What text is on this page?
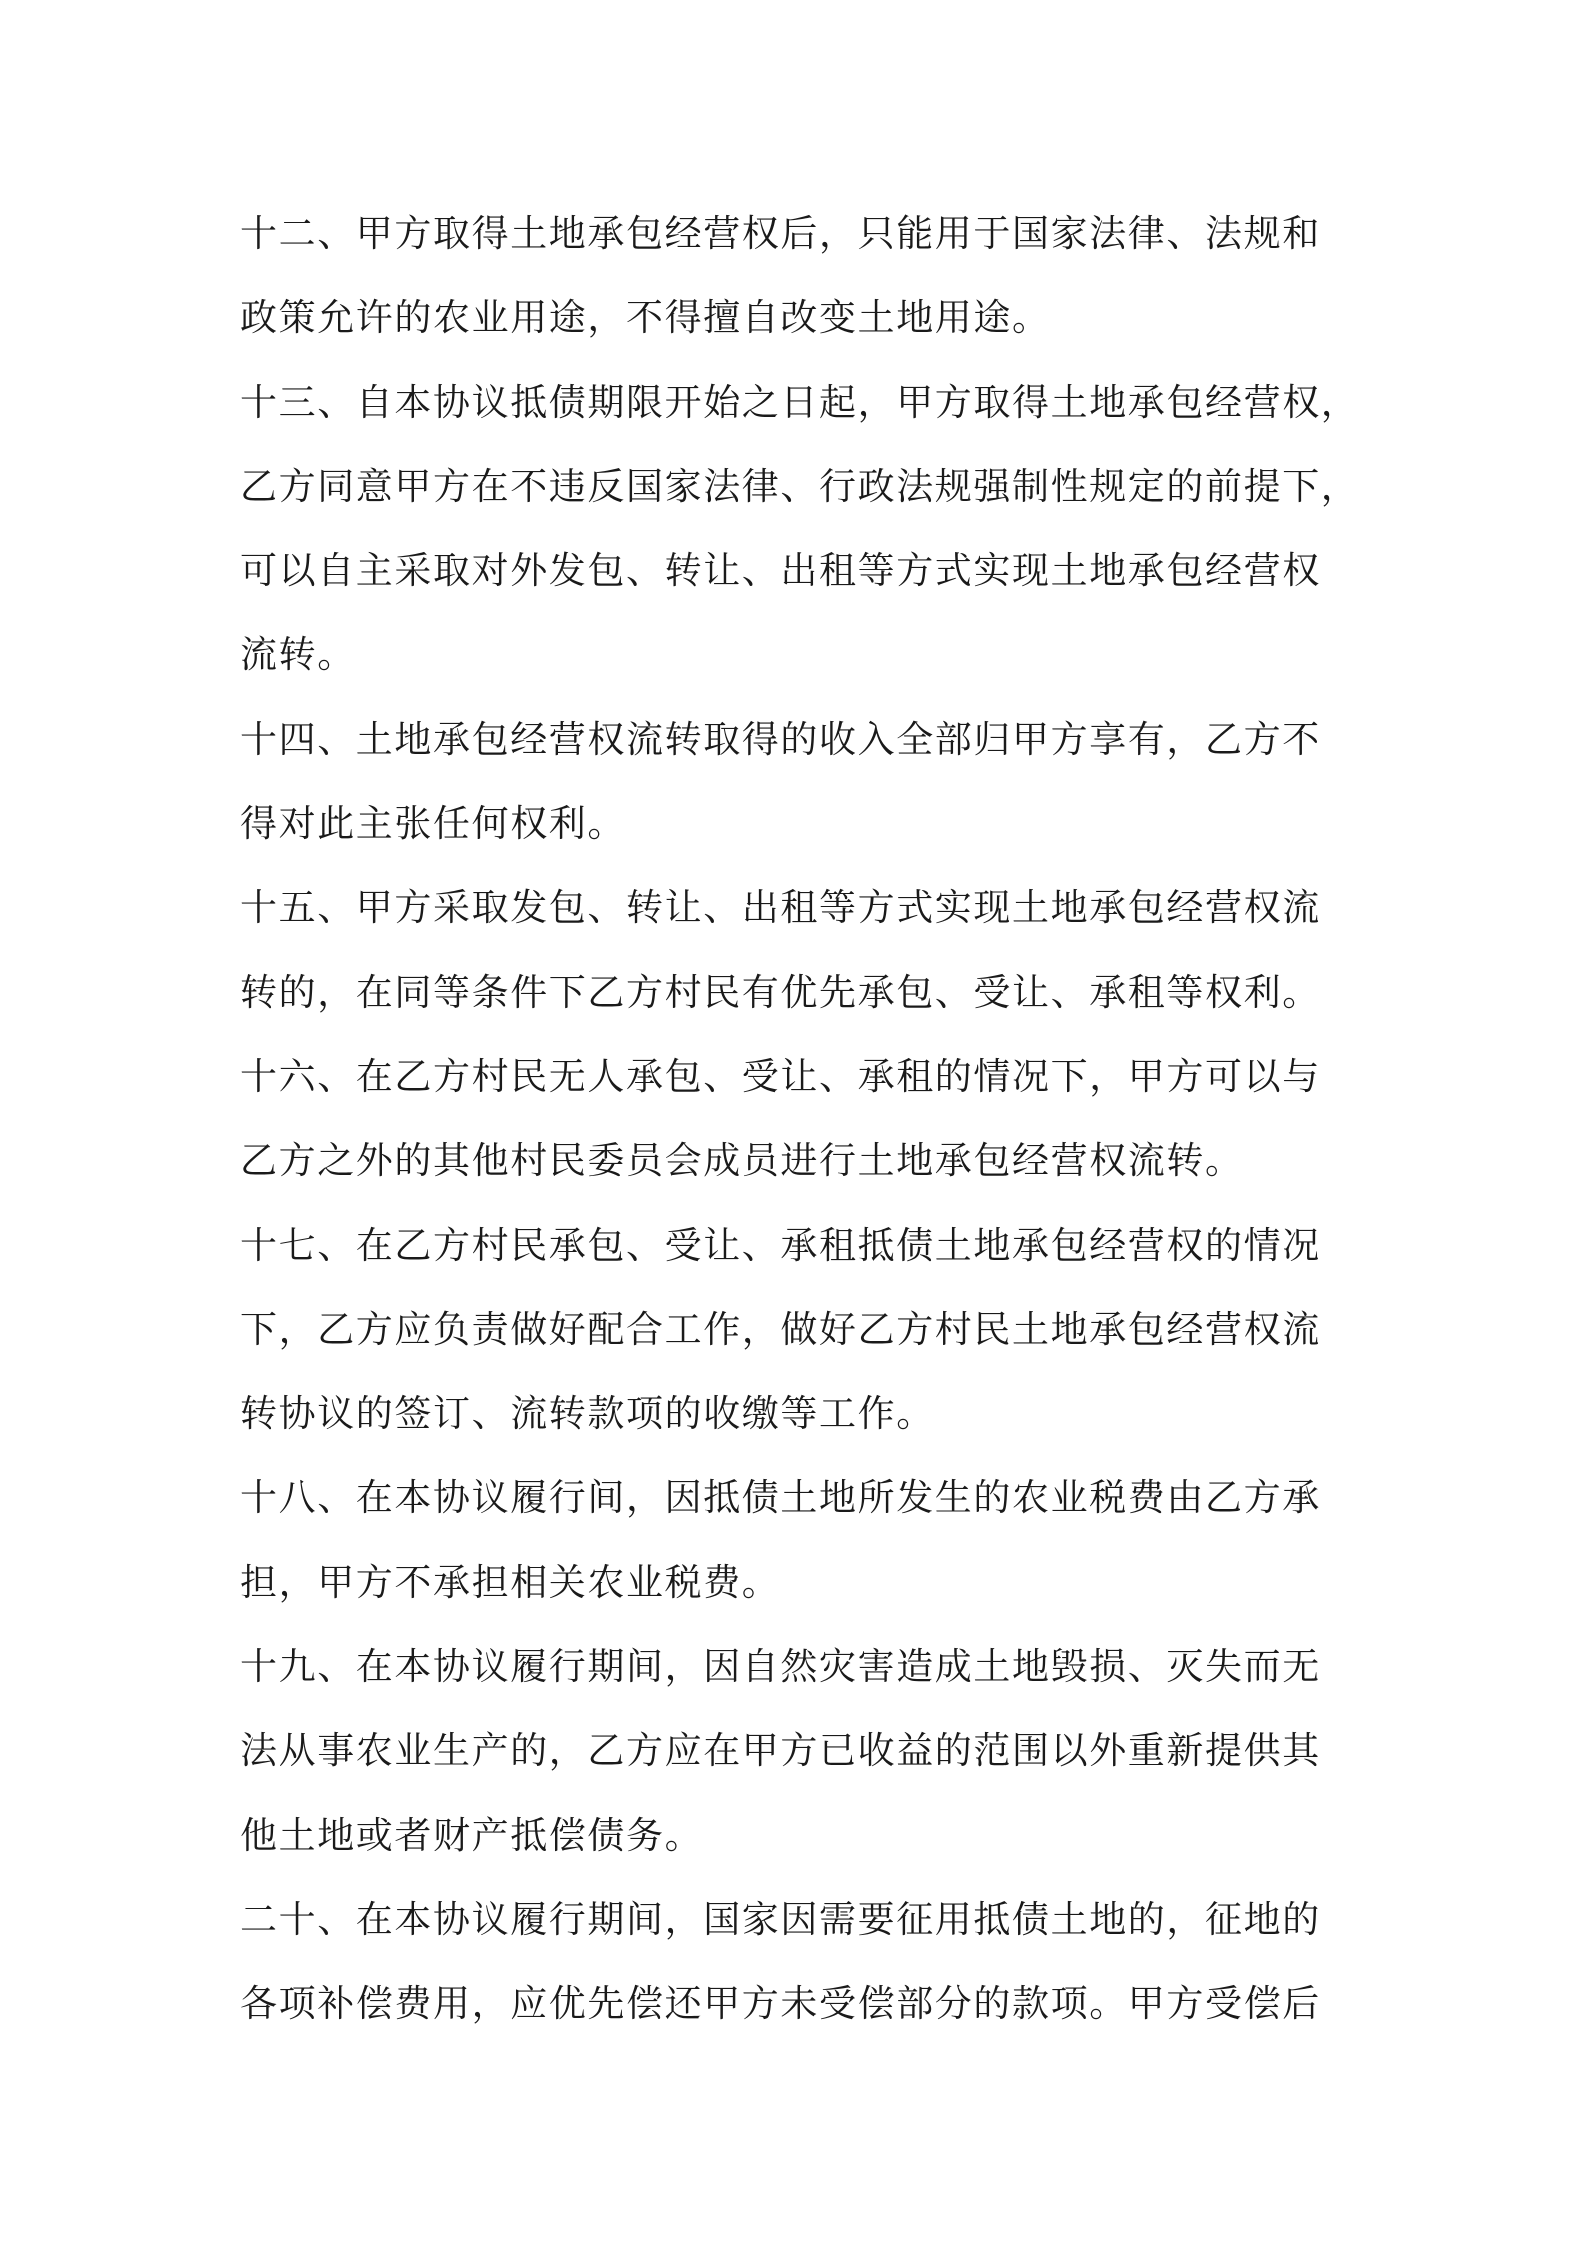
十二、甲方取得土地承包经营权后，只能用于国家法律、法规和
政策允许的农业用途，不得擅自改变土地用途。
十三、自本协议抵债期限开始之日起，甲方取得土地承包经营权，
乙方同意甲方在不违反国家法律、行政法规强制性规定的前提下，
可以自主采取对外发包、转让、出租等方式实现土地承包经营权
流转。
十四、土地承包经营权流转取得的收入全部归甲方享有，乙方不
得对此主张任何权利。
十五、甲方采取发包、转让、出租等方式实现土地承包经营权流
转的，在同等条件下乙方村民有优先承包、受让、承租等权利。
十六、在乙方村民无人承包、受让、承租的情况下，甲方可以与
乙方之外的其他村民委员会成员进行土地承包经营权流转。
十七、在乙方村民承包、受让、承租抵债土地承包经营权的情况
下，乙方应负责做好配合工作，做好乙方村民土地承包经营权流
转协议的签订、流转款项的收缴等工作。
十八、在本协议履行间，因抵债土地所发生的农业税费由乙方承
担，甲方不承担相关农业税费。
十九、在本协议履行期间，因自然灾害造成土地毁损、灭失而无
法从事农业生产的，乙方应在甲方已收益的范围以外重新提供其
他土地或者财产抵偿债务。
二十、在本协议履行期间，国家因需要征用抵债土地的，征地的
各项补偿费用，应优先偿还甲方未受偿部分的款项。甲方受偿后
